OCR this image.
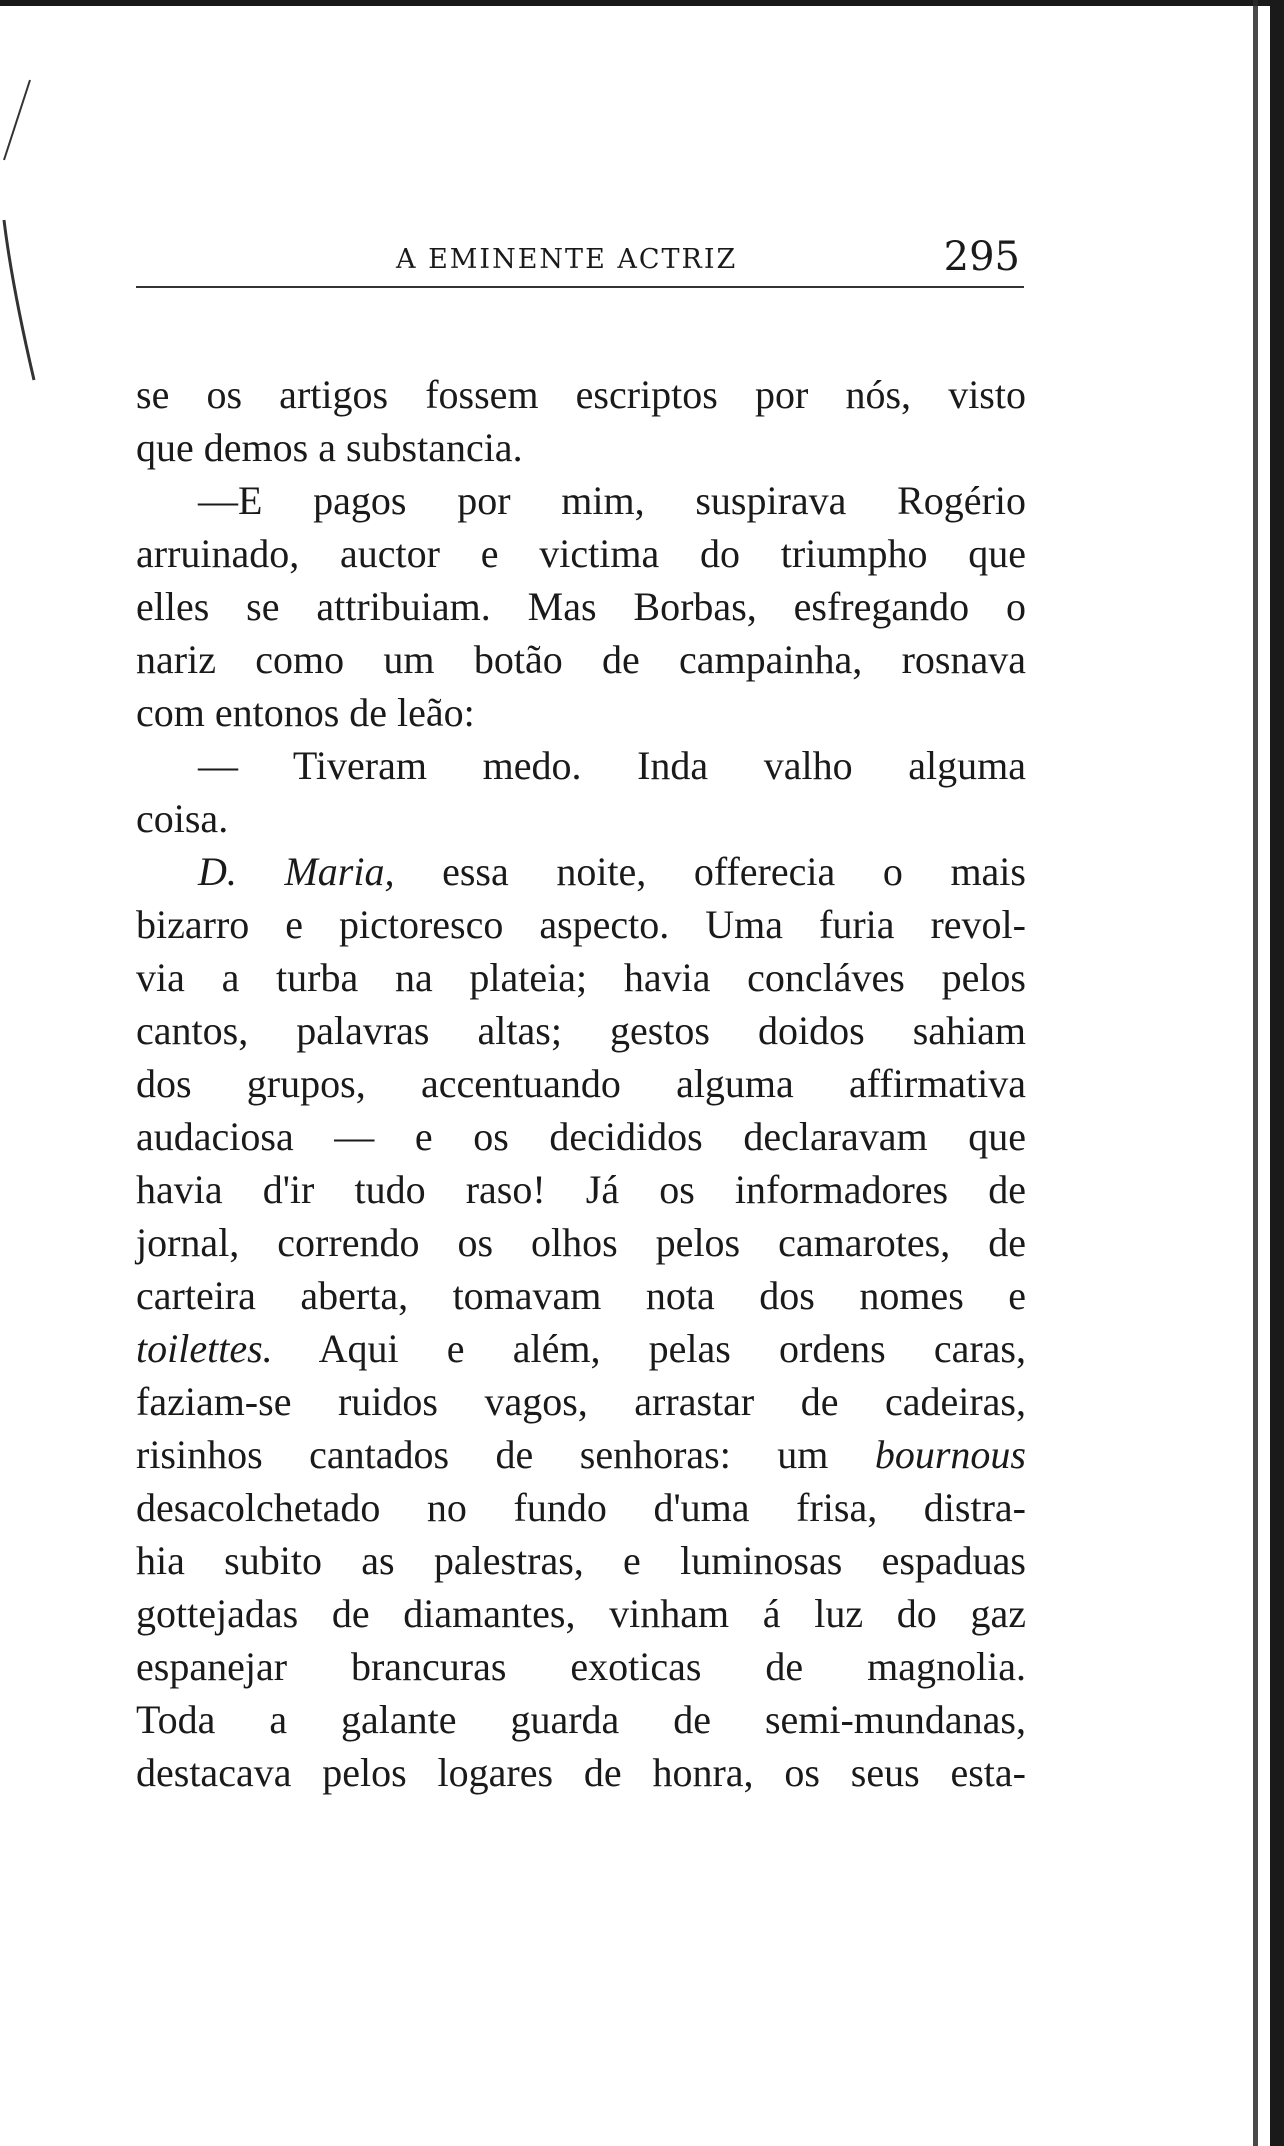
A EMINENTE ACTRIZ	295
se os artigos fossem escriptos por nós, visto
que demos a substancia.
—E pagos por mim, suspirava Rogério
arruinado, auctor e victima do triumpho que
elles se attribuiam. Mas Borbas, esfregando o
nariz como um botão de campainha, rosnava
com entonos de leão:
— Tiveram medo. Inda valho alguma
coisa.
D. Maria, essa noite, offerecia o mais
bizarro e pictoresco aspecto. Uma furia revol-
via a turba na plateia; havia concláves pelos
cantos, palavras altas; gestos doidos sahiam
dos grupos, accentuando alguma affirmativa
audaciosa — e os decididos declaravam que
havia d'ir tudo raso! Já os informadores de
jornal, correndo os olhos pelos camarotes, de
carteira aberta, tomavam nota dos nomes e
toilettes. Aqui e além, pelas ordens caras,
faziam-se ruidos vagos, arrastar de cadeiras,
risinhos cantados de senhoras: um bournous
desacolchetado no fundo d'uma frisa, distra-
hia subito as palestras, e luminosas espaduas
gottejadas de diamantes, vinham á luz do gaz
espanejar brancuras exoticas de magnolia.
Toda a galante guarda de semi-mundanas,
destacava pelos logares de honra, os seus esta-
